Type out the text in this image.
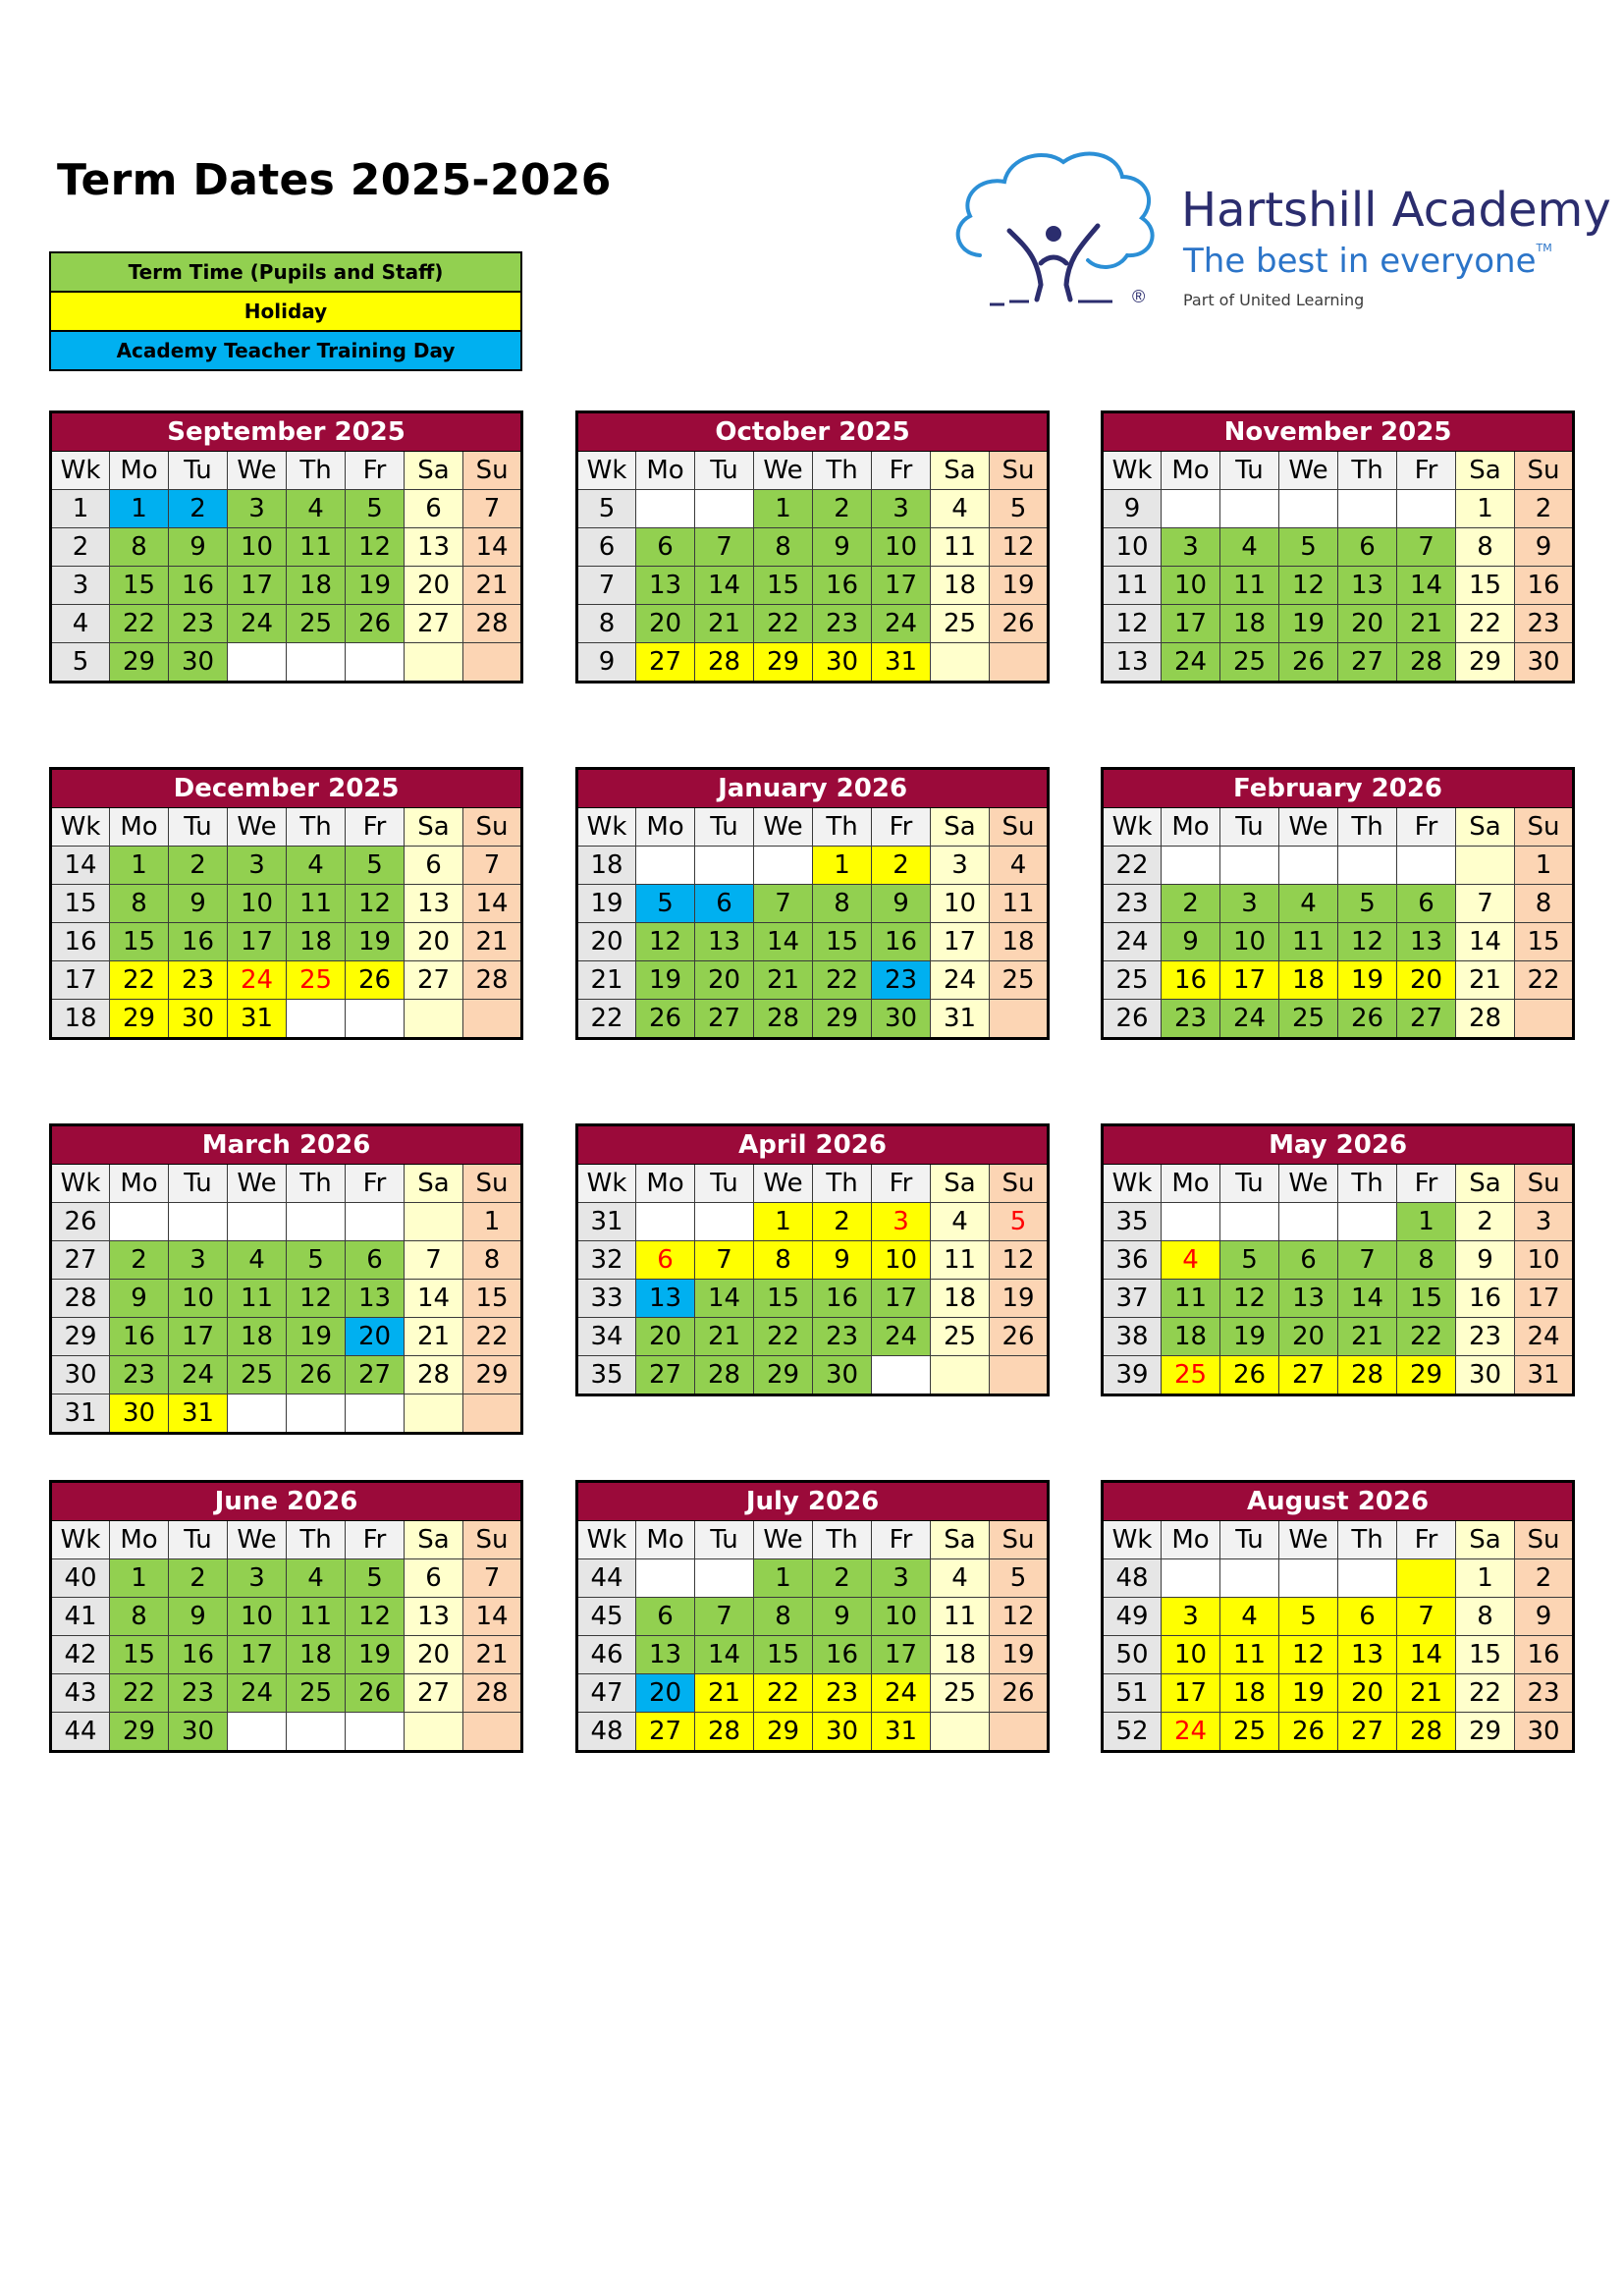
Term Dates 2025-2026
Term Time (Pupils and Staff)
Holiday
Academy Teacher Training Day
®
Hartshill Academy
The best in everyone™
Part of United Learning
September 2025							
Wk	Mo	Tu	We	Th	Fr	Sa	Su
1	1	2	3	4	5	6	7
2	8	9	10	11	12	13	14
3	15	16	17	18	19	20	21
4	22	23	24	25	26	27	28
5	29	30					
October 2025							
Wk	Mo	Tu	We	Th	Fr	Sa	Su
5			1	2	3	4	5
6	6	7	8	9	10	11	12
7	13	14	15	16	17	18	19
8	20	21	22	23	24	25	26
9	27	28	29	30	31		
November 2025							
Wk	Mo	Tu	We	Th	Fr	Sa	Su
9						1	2
10	3	4	5	6	7	8	9
11	10	11	12	13	14	15	16
12	17	18	19	20	21	22	23
13	24	25	26	27	28	29	30
December 2025							
Wk	Mo	Tu	We	Th	Fr	Sa	Su
14	1	2	3	4	5	6	7
15	8	9	10	11	12	13	14
16	15	16	17	18	19	20	21
17	22	23	24	25	26	27	28
18	29	30	31				
January 2026							
Wk	Mo	Tu	We	Th	Fr	Sa	Su
18				1	2	3	4
19	5	6	7	8	9	10	11
20	12	13	14	15	16	17	18
21	19	20	21	22	23	24	25
22	26	27	28	29	30	31	
February 2026							
Wk	Mo	Tu	We	Th	Fr	Sa	Su
22							1
23	2	3	4	5	6	7	8
24	9	10	11	12	13	14	15
25	16	17	18	19	20	21	22
26	23	24	25	26	27	28	
March 2026							
Wk	Mo	Tu	We	Th	Fr	Sa	Su
26							1
27	2	3	4	5	6	7	8
28	9	10	11	12	13	14	15
29	16	17	18	19	20	21	22
30	23	24	25	26	27	28	29
31	30	31					
April 2026							
Wk	Mo	Tu	We	Th	Fr	Sa	Su
31			1	2	3	4	5
32	6	7	8	9	10	11	12
33	13	14	15	16	17	18	19
34	20	21	22	23	24	25	26
35	27	28	29	30			
May 2026							
Wk	Mo	Tu	We	Th	Fr	Sa	Su
35					1	2	3
36	4	5	6	7	8	9	10
37	11	12	13	14	15	16	17
38	18	19	20	21	22	23	24
39	25	26	27	28	29	30	31
June 2026							
Wk	Mo	Tu	We	Th	Fr	Sa	Su
40	1	2	3	4	5	6	7
41	8	9	10	11	12	13	14
42	15	16	17	18	19	20	21
43	22	23	24	25	26	27	28
44	29	30					
July 2026							
Wk	Mo	Tu	We	Th	Fr	Sa	Su
44			1	2	3	4	5
45	6	7	8	9	10	11	12
46	13	14	15	16	17	18	19
47	20	21	22	23	24	25	26
48	27	28	29	30	31		
August 2026							
Wk	Mo	Tu	We	Th	Fr	Sa	Su
48						1	2
49	3	4	5	6	7	8	9
50	10	11	12	13	14	15	16
51	17	18	19	20	21	22	23
52	24	25	26	27	28	29	30
